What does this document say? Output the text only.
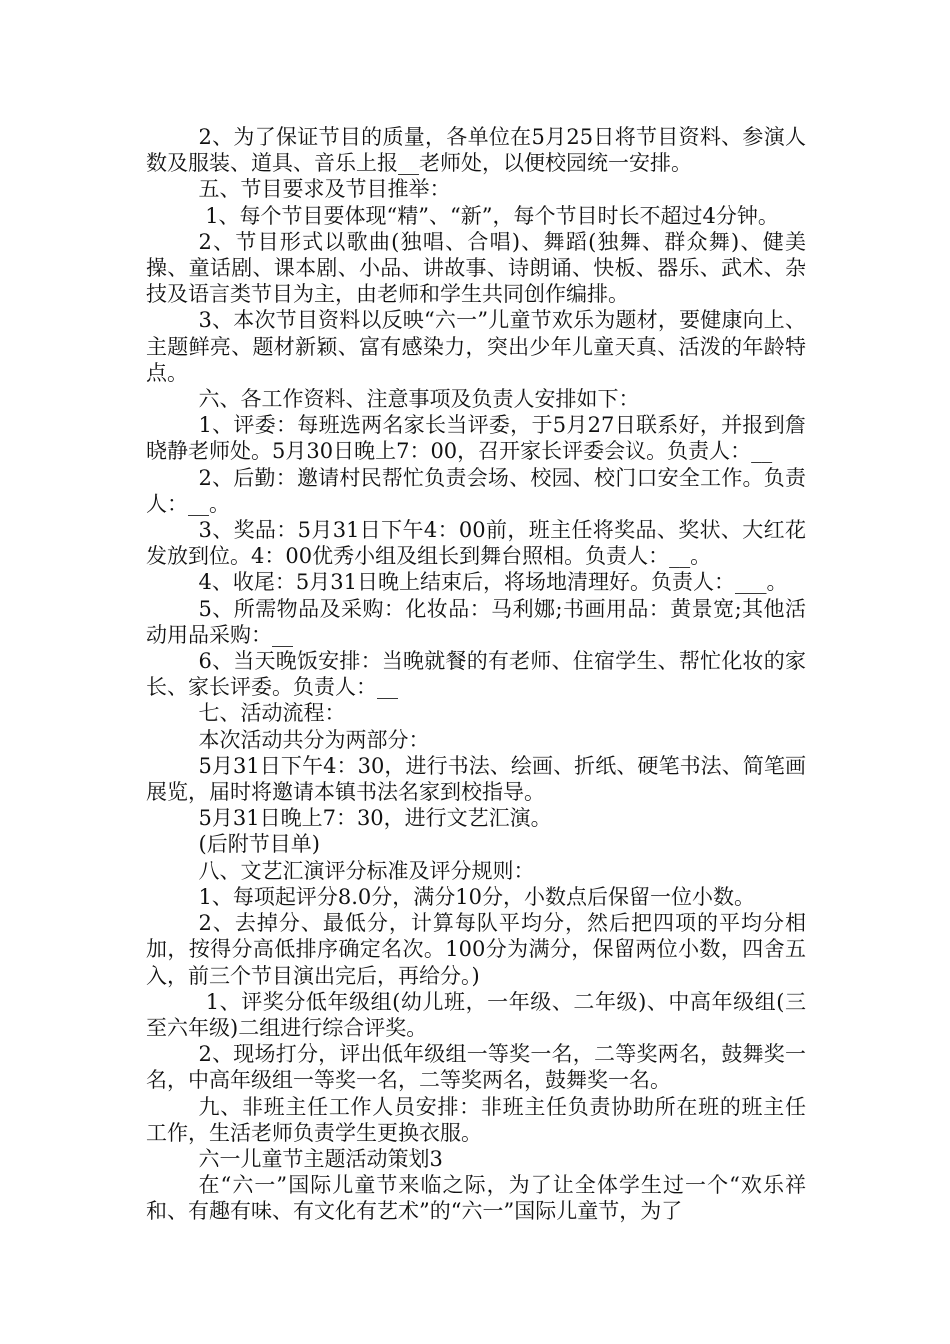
2、为了保证节目的质量，各单位在5月25日将节目资料、参演人数及服装、道具、音乐上报__老师处，以便校园统一安排。

五、节目要求及节目推举：

1、每个节目要体现“精”、“新”，每个节目时长不超过4分钟。

2、节目形式以歌曲(独唱、合唱)、舞蹈(独舞、群众舞)、健美操、童话剧、课本剧、小品、讲故事、诗朗诵、快板、器乐、武术、杂技及语言类节目为主，由老师和学生共同创作编排。

3、本次节目资料以反映“六一”儿童节欢乐为题材，要健康向上、主题鲜亮、题材新颖、富有感染力，突出少年儿童天真、活泼的年龄特点。

六、各工作资料、注意事项及负责人安排如下：

1、评委：每班选两名家长当评委，于5月27日联系好，并报到詹晓静老师处。5月30日晚上7：00，召开家长评委会议。负责人：__

2、后勤：邀请村民帮忙负责会场、校园、校门口安全工作。负责人：__。

3、奖品：5月31日下午4：00前，班主任将奖品、奖状、大红花发放到位。4：00优秀小组及组长到舞台照相。负责人：__。

4、收尾：5月31日晚上结束后，将场地清理好。负责人：___。

5、所需物品及采购：化妆品：马利娜;书画用品：黄景宽;其他活动用品采购：__

6、当天晚饭安排：当晚就餐的有老师、住宿学生、帮忙化妆的家长、家长评委。负责人：__

七、活动流程：

本次活动共分为两部分：

5月31日下午4：30，进行书法、绘画、折纸、硬笔书法、简笔画展览，届时将邀请本镇书法名家到校指导。

5月31日晚上7：30，进行文艺汇演。

(后附节目单)

八、文艺汇演评分标准及评分规则：

1、每项起评分8.0分，满分10分，小数点后保留一位小数。

2、去掉分、最低分，计算每队平均分，然后把四项的平均分相加，按得分高低排序确定名次。100分为满分，保留两位小数，四舍五入，前三个节目演出完后，再给分。)

1、评奖分低年级组(幼儿班，一年级、二年级)、中高年级组(三至六年级)二组进行综合评奖。

2、现场打分，评出低年级组一等奖一名，二等奖两名，鼓舞奖一名，中高年级组一等奖一名，二等奖两名，鼓舞奖一名。

九、非班主任工作人员安排：非班主任负责协助所在班的班主任工作，生活老师负责学生更换衣服。

六一儿童节主题活动策划3

在“六一”国际儿童节来临之际，为了让全体学生过一个“欢乐祥和、有趣有味、有文化有艺术”的“六一”国际儿童节，为了
